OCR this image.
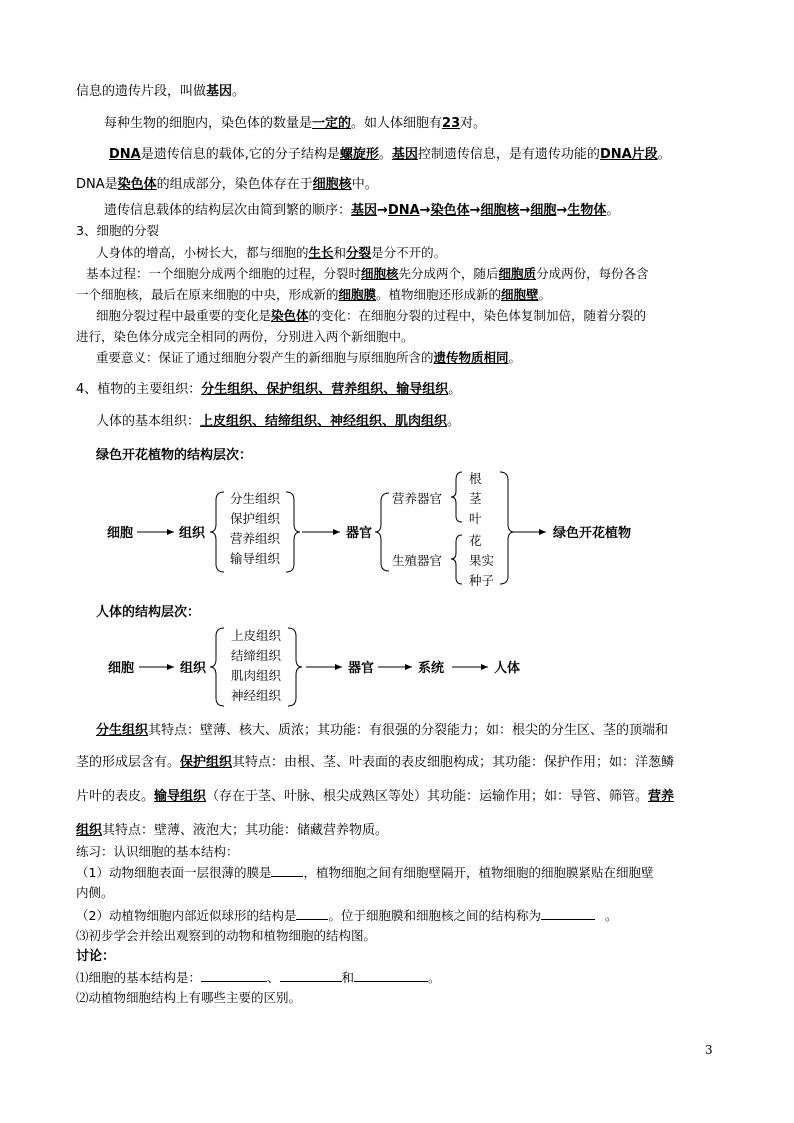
信息的遗传片段，叫做基因。
每种生物的细胞内，染色体的数量是一定的。如人体细胞有23对。
DNA是遗传信息的载体,它的分子结构是螺旋形。基因控制遗传信息，是有遗传功能的DNA片段。
DNA是染色体的组成部分，染色体存在于细胞核中。
遗传信息载体的结构层次由简到繁的顺序：基因→DNA→染色体→细胞核→细胞→生物体。
3、细胞的分裂
人身体的增高，小树长大，都与细胞的生长和分裂是分不开的。
基本过程：一个细胞分成两个细胞的过程，分裂时细胞核先分成两个，随后细胞质分成两份，每份各含
一个细胞核，最后在原来细胞的中央，形成新的细胞膜。植物细胞还形成新的细胞壁。
细胞分裂过程中最重要的变化是染色体的变化：在细胞分裂的过程中，染色体复制加倍，随着分裂的
进行，染色体分成完全相同的两份，分别进入两个新细胞中。
重要意义：保证了通过细胞分裂产生的新细胞与原细胞所含的遗传物质相同。
4、植物的主要组织：分生组织、保护组织、营养组织、输导组织。
人体的基本组织：上皮组织、结缔组织、神经组织、肌肉组织。
绿色开花植物的结构层次：
细胞	组织
分生组织
保护组织
营养组织
输导组织
器官
营养器官
生殖器官
根
茎
叶
花
果实
种子
绿色开花植物
人体的结构层次：
细胞	组织
上皮组织
结缔组织
肌肉组织
神经组织
器官	系统	人体
分生组织其特点：壁薄、核大、质浓；其功能：有很强的分裂能力；如：根尖的分生区、茎的顶端和
茎的形成层含有。保护组织其特点：由根、茎、叶表面的表皮细胞构成；其功能：保护作用；如：洋葱鳞
片叶的表皮。输导组织（存在于茎、叶脉、根尖成熟区等处）其功能：运输作用；如：导管、筛管。营养
组织其特点：壁薄、液泡大；其功能：储藏营养物质。
练习：认识细胞的基本结构：
（1）动物细胞表面一层很薄的膜是	，植物细胞之间有细胞壁隔开，植物细胞的细胞膜紧贴在细胞壁
内侧。
（2）动植物细胞内部近似球形的结构是	。位于细胞膜和细胞核之间的结构称为	。
⑶初步学会并绘出观察到的动物和植物细胞的结构图。
讨论：
⑴细胞的基本结构是：	、	和	。
⑵动植物细胞结构上有哪些主要的区别。
3
